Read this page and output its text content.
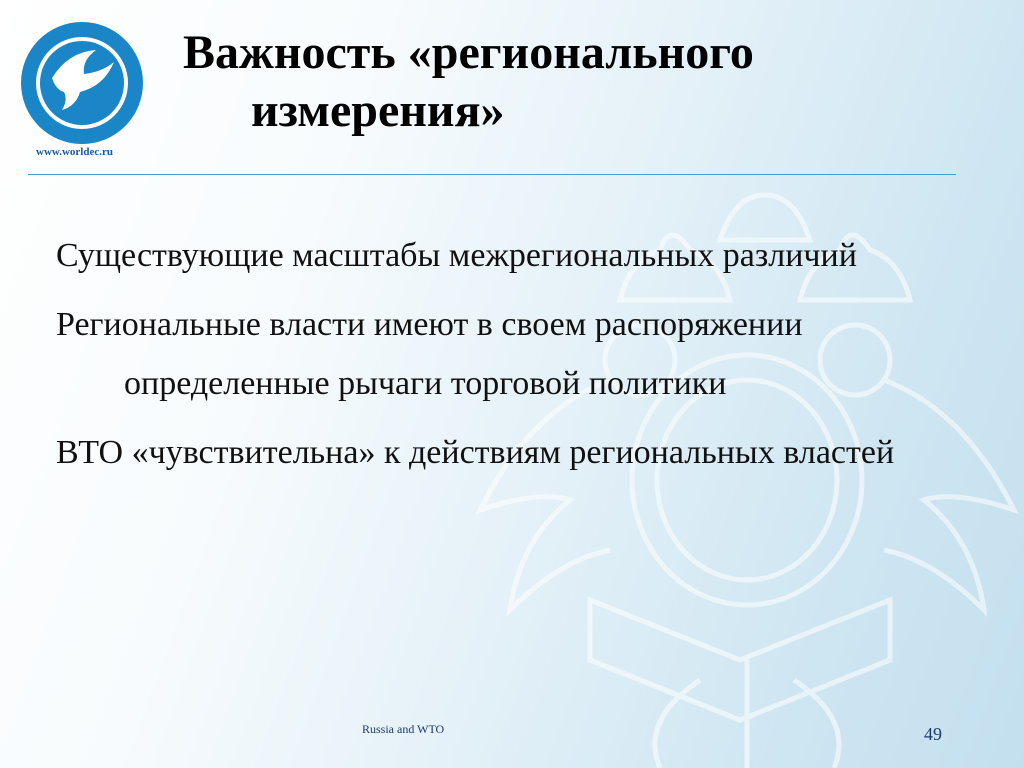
www.worldec.ru
Важность «регионального
измерения»
Существующие масштабы межрегиональных различий
Региональные власти имеют в своем распоряжении определенные рычаги торговой политики
ВТО «чувствительна» к действиям региональных властей
Russia and WTO	49
